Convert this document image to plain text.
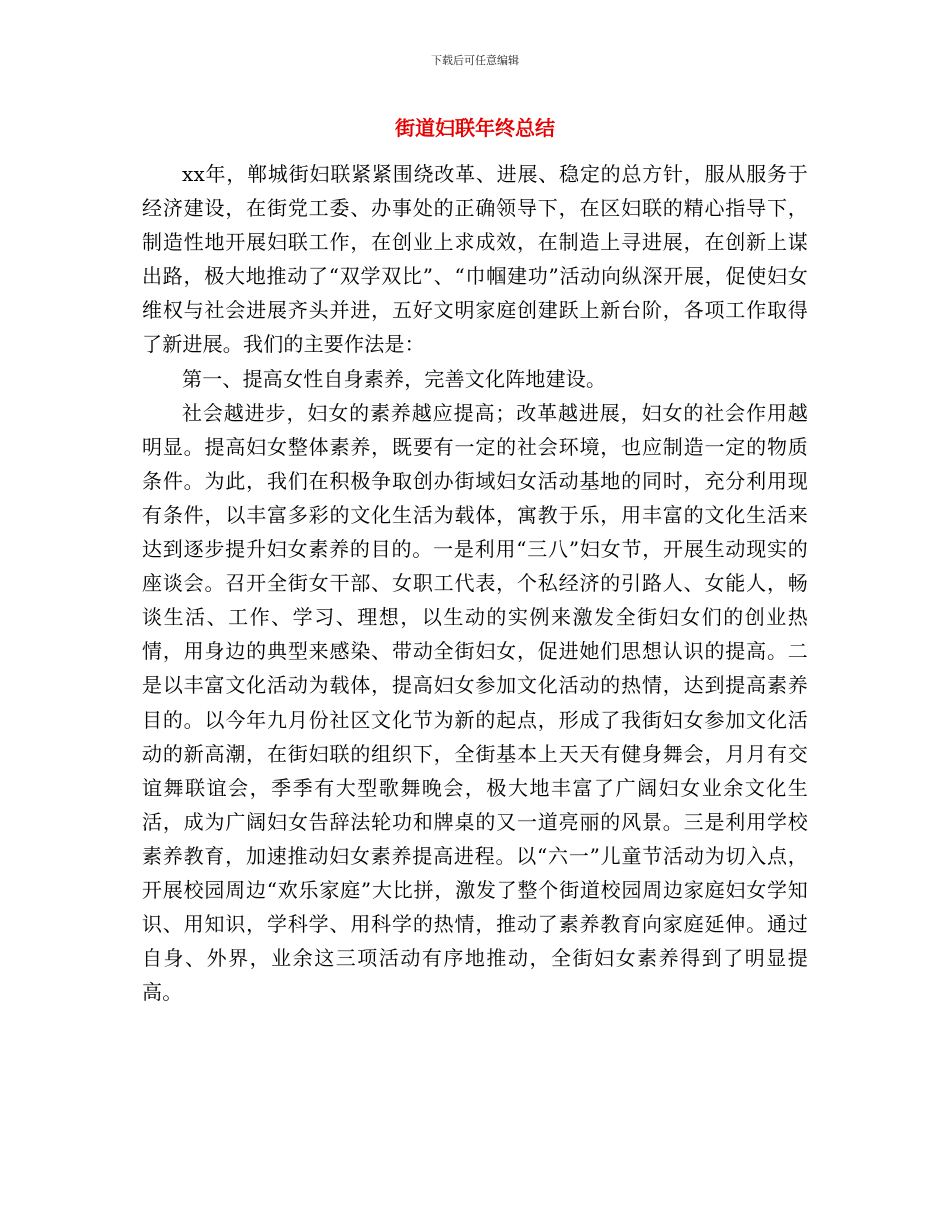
下载后可任意编辑
街道妇联年终总结

xx年，郸城街妇联紧紧围绕改革、进展、稳定的总方针，服从服务于经济建设，在街党工委、办事处的正确领导下，在区妇联的精心指导下，制造性地开展妇联工作，在创业上求成效，在制造上寻进展，在创新上谋出路，极大地推动了“双学双比”、“巾帼建功”活动向纵深开展，促使妇女维权与社会进展齐头并进，五好文明家庭创建跃上新台阶，各项工作取得了新进展。我们的主要作法是：

第一、提高女性自身素养，完善文化阵地建设。

社会越进步，妇女的素养越应提高；改革越进展，妇女的社会作用越明显。提高妇女整体素养，既要有一定的社会环境，也应制造一定的物质条件。为此，我们在积极争取创办街域妇女活动基地的同时，充分利用现有条件，以丰富多彩的文化生活为载体，寓教于乐，用丰富的文化生活来达到逐步提升妇女素养的目的。一是利用“三八”妇女节，开展生动现实的座谈会。召开全街女干部、女职工代表，个私经济的引路人、女能人，畅谈生活、工作、学习、理想，以生动的实例来激发全街妇女们的创业热情，用身边的典型来感染、带动全街妇女，促进她们思想认识的提高。二是以丰富文化活动为载体，提高妇女参加文化活动的热情，达到提高素养目的。以今年九月份社区文化节为新的起点，形成了我街妇女参加文化活动的新高潮，在街妇联的组织下，全街基本上天天有健身舞会，月月有交谊舞联谊会，季季有大型歌舞晚会，极大地丰富了广阔妇女业余文化生活，成为广阔妇女告辞法轮功和牌桌的又一道亮丽的风景。三是利用学校素养教育，加速推动妇女素养提高进程。以“六一”儿童节活动为切入点，开展校园周边“欢乐家庭”大比拼，激发了整个街道校园周边家庭妇女学知识、用知识，学科学、用科学的热情，推动了素养教育向家庭延伸。通过自身、外界，业余这三项活动有序地推动，全街妇女素养得到了明显提高。
